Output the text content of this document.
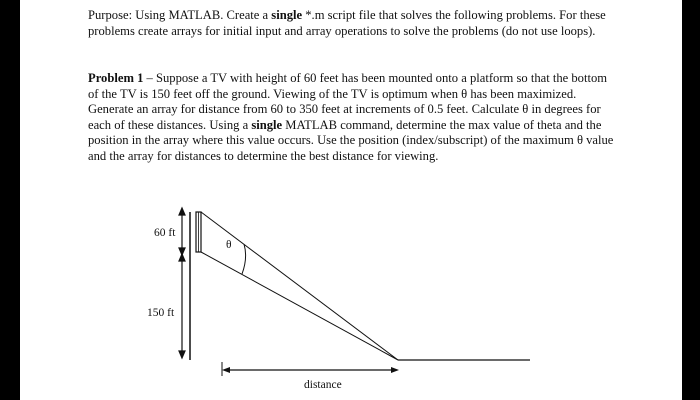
Purpose: Using MATLAB. Create a single *.m script file that solves the following problems. For these problems create arrays for initial input and array operations to solve the problems (do not use loops).

Problem 1 – Suppose a TV with height of 60 feet has been mounted onto a platform so that the bottom of the TV is 150 feet off the ground. Viewing of the TV is optimum when θ has been maximized. Generate an array for distance from 60 to 350 feet at increments of 0.5 feet. Calculate θ in degrees for each of these distances. Using a single MATLAB command, determine the max value of theta and the position in the array where this value occurs. Use the position (index/subscript) of the maximum θ value and the array for distances to determine the best distance for viewing.

60 ft
150 ft
θ
distance
